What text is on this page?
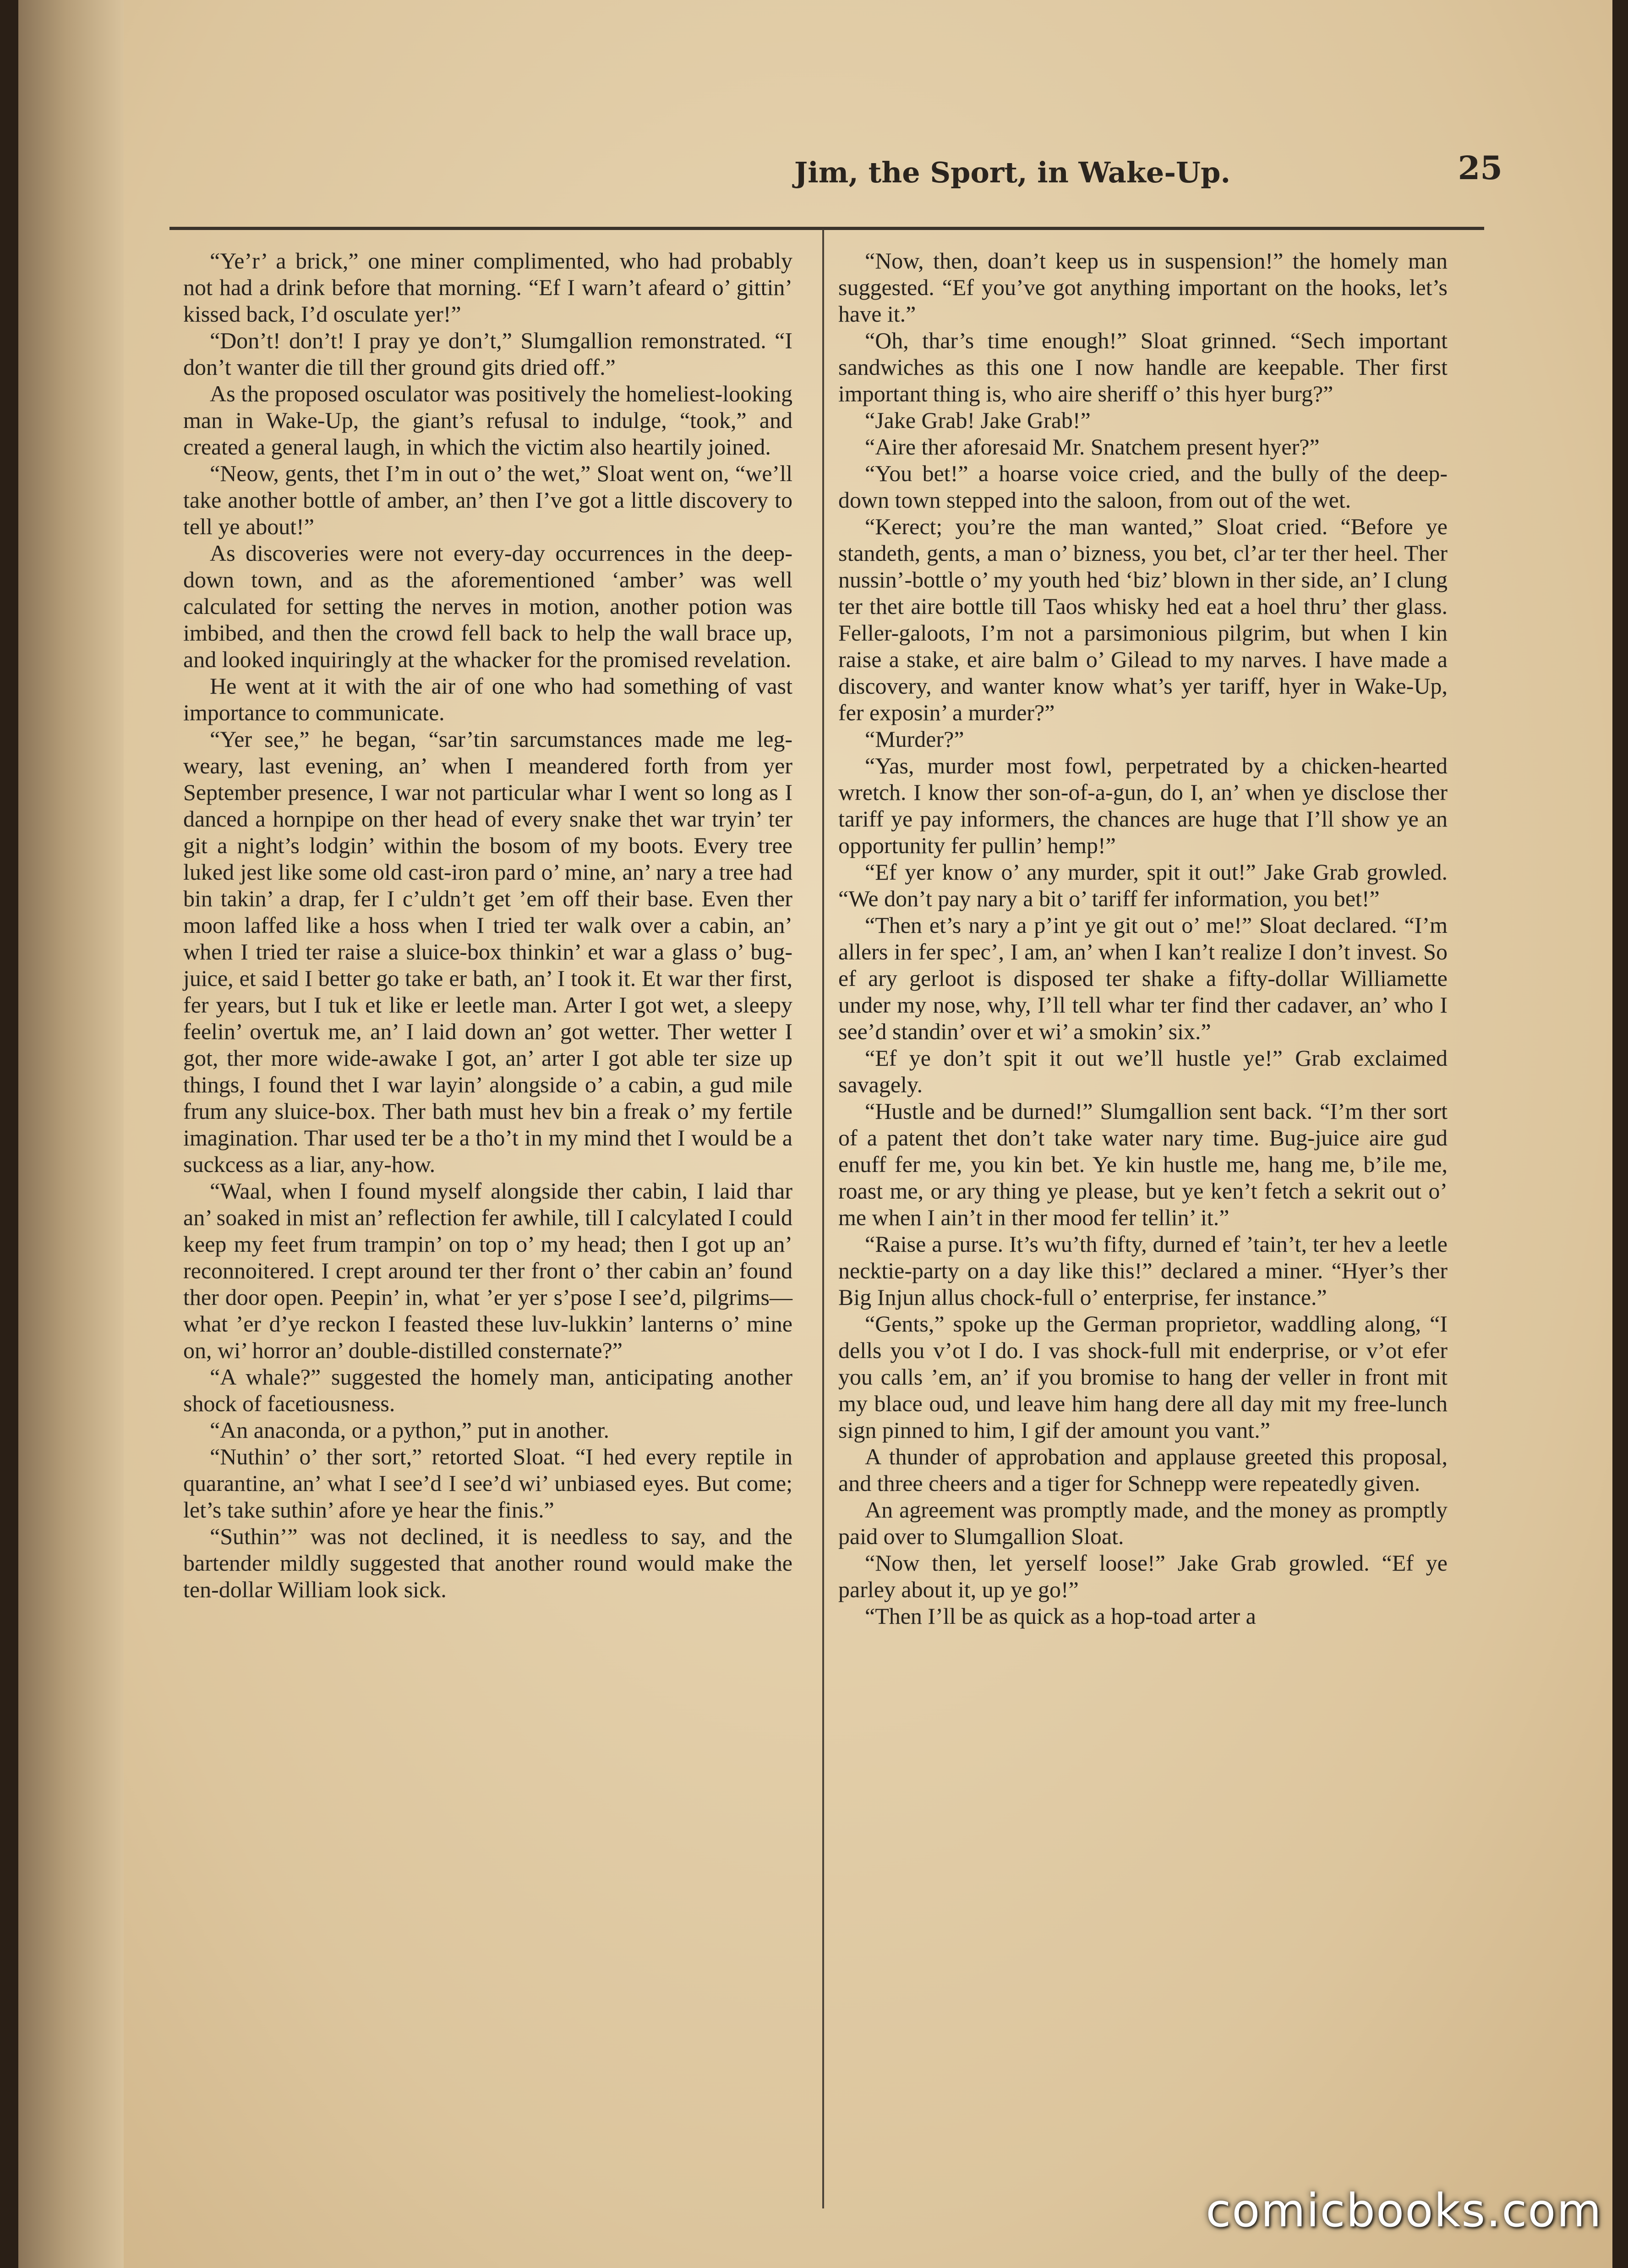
Jim, the Sport, in Wake-Up.	25

“Ye’r’ a brick,” one miner complimented, who had probably not had a drink before that morning. “Ef I warn’t afeard o’ gittin’ kissed back, I’d osculate yer!”

“Don’t! don’t! I pray ye don’t,” Slumgallion remonstrated. “I don’t wanter die till ther ground gits dried off.”

As the proposed osculator was positively the homeliest-looking man in Wake-Up, the giant’s refusal to indulge, “took,” and created a general laugh, in which the victim also heartily joined.

“Neow, gents, thet I’m in out o’ the wet,” Sloat went on, “we’ll take another bottle of amber, an’ then I’ve got a little discovery to tell ye about!”

As discoveries were not every-day occurrences in the deep-down town, and as the aforementioned ‘amber’ was well calculated for setting the nerves in motion, another potion was imbibed, and then the crowd fell back to help the wall brace up, and looked inquiringly at the whacker for the promised revelation.

He went at it with the air of one who had something of vast importance to communicate.

“Yer see,” he began, “sar’tin sarcumstances made me leg-weary, last evening, an’ when I meandered forth from yer September presence, I war not particular whar I went so long as I danced a hornpipe on ther head of every snake thet war tryin’ ter git a night’s lodgin’ within the bosom of my boots. Every tree luked jest like some old cast-iron pard o’ mine, an’ nary a tree had bin takin’ a drap, fer I c’uldn’t get ’em off their base. Even ther moon laffed like a hoss when I tried ter walk over a cabin, an’ when I tried ter raise a sluice-box thinkin’ et war a glass o’ bug-juice, et said I better go take er bath, an’ I took it. Et war ther first, fer years, but I tuk et like er leetle man. Arter I got wet, a sleepy feelin’ overtuk me, an’ I laid down an’ got wetter. Ther wetter I got, ther more wide-awake I got, an’ arter I got able ter size up things, I found thet I war layin’ alongside o’ a cabin, a gud mile frum any sluice-box. Ther bath must hev bin a freak o’ my fertile imagination. Thar used ter be a tho’t in my mind thet I would be a suckcess as a liar, any-how.

“Waal, when I found myself alongside ther cabin, I laid thar an’ soaked in mist an’ reflection fer awhile, till I calcylated I could keep my feet frum trampin’ on top o’ my head; then I got up an’ reconnoitered. I crept around ter ther front o’ ther cabin an’ found ther door open. Peepin’ in, what ’er yer s’pose I see’d, pilgrims—what ’er d’ye reckon I feasted these luv-lukkin’ lanterns o’ mine on, wi’ horror an’ double-distilled consternate?”

“A whale?” suggested the homely man, anticipating another shock of facetiousness.

“An anaconda, or a python,” put in another.

“Nuthin’ o’ ther sort,” retorted Sloat. “I hed every reptile in quarantine, an’ what I see’d I see’d wi’ unbiased eyes. But come; let’s take suthin’ afore ye hear the finis.”

“Suthin’” was not declined, it is needless to say, and the bartender mildly suggested that another round would make the ten-dollar William look sick.

“Now, then, doan’t keep us in suspension!” the homely man suggested. “Ef you’ve got anything important on the hooks, let’s have it.”

“Oh, thar’s time enough!” Sloat grinned. “Sech important sandwiches as this one I now handle are keepable. Ther first important thing is, who aire sheriff o’ this hyer burg?”

“Jake Grab! Jake Grab!”

“Aire ther aforesaid Mr. Snatchem present hyer?”

“You bet!” a hoarse voice cried, and the bully of the deep-down town stepped into the saloon, from out of the wet.

“Kerect; you’re the man wanted,” Sloat cried. “Before ye standeth, gents, a man o’ bizness, you bet, cl’ar ter ther heel. Ther nussin’-bottle o’ my youth hed ‘biz’ blown in ther side, an’ I clung ter thet aire bottle till Taos whisky hed eat a hoel thru’ ther glass. Feller-galoots, I’m not a parsimonious pilgrim, but when I kin raise a stake, et aire balm o’ Gilead to my narves. I have made a discovery, and wanter know what’s yer tariff, hyer in Wake-Up, fer exposin’ a murder?”

“Murder?”

“Yas, murder most fowl, perpetrated by a chicken-hearted wretch. I know ther son-of-a-gun, do I, an’ when ye disclose ther tariff ye pay informers, the chances are huge that I’ll show ye an opportunity fer pullin’ hemp!”

“Ef yer know o’ any murder, spit it out!” Jake Grab growled. “We don’t pay nary a bit o’ tariff fer information, you bet!”

“Then et’s nary a p’int ye git out o’ me!” Sloat declared. “I’m allers in fer spec’, I am, an’ when I kan’t realize I don’t invest. So ef ary gerloot is disposed ter shake a fifty-dollar Williamette under my nose, why, I’ll tell whar ter find ther cadaver, an’ who I see’d standin’ over et wi’ a smokin’ six.”

“Ef ye don’t spit it out we’ll hustle ye!” Grab exclaimed savagely.

“Hustle and be durned!” Slumgallion sent back. “I’m ther sort of a patent thet don’t take water nary time. Bug-juice aire gud enuff fer me, you kin bet. Ye kin hustle me, hang me, b’ile me, roast me, or ary thing ye please, but ye ken’t fetch a sekrit out o’ me when I ain’t in ther mood fer tellin’ it.”

“Raise a purse. It’s wu’th fifty, durned ef ’tain’t, ter hev a leetle necktie-party on a day like this!” declared a miner. “Hyer’s ther Big Injun allus chock-full o’ enterprise, fer instance.”

“Gents,” spoke up the German proprietor, waddling along, “I dells you v’ot I do. I vas shock-full mit enderprise, or v’ot efer you calls ’em, an’ if you bromise to hang der veller in front mit my blace oud, und leave him hang dere all day mit my free-lunch sign pinned to him, I gif der amount you vant.”

A thunder of approbation and applause greeted this proposal, and three cheers and a tiger for Schnepp were repeatedly given.

An agreement was promptly made, and the money as promptly paid over to Slumgallion Sloat.

“Now then, let yerself loose!” Jake Grab growled. “Ef ye parley about it, up ye go!”

“Then I’ll be as quick as a hop-toad arter a

comicbooks.com
